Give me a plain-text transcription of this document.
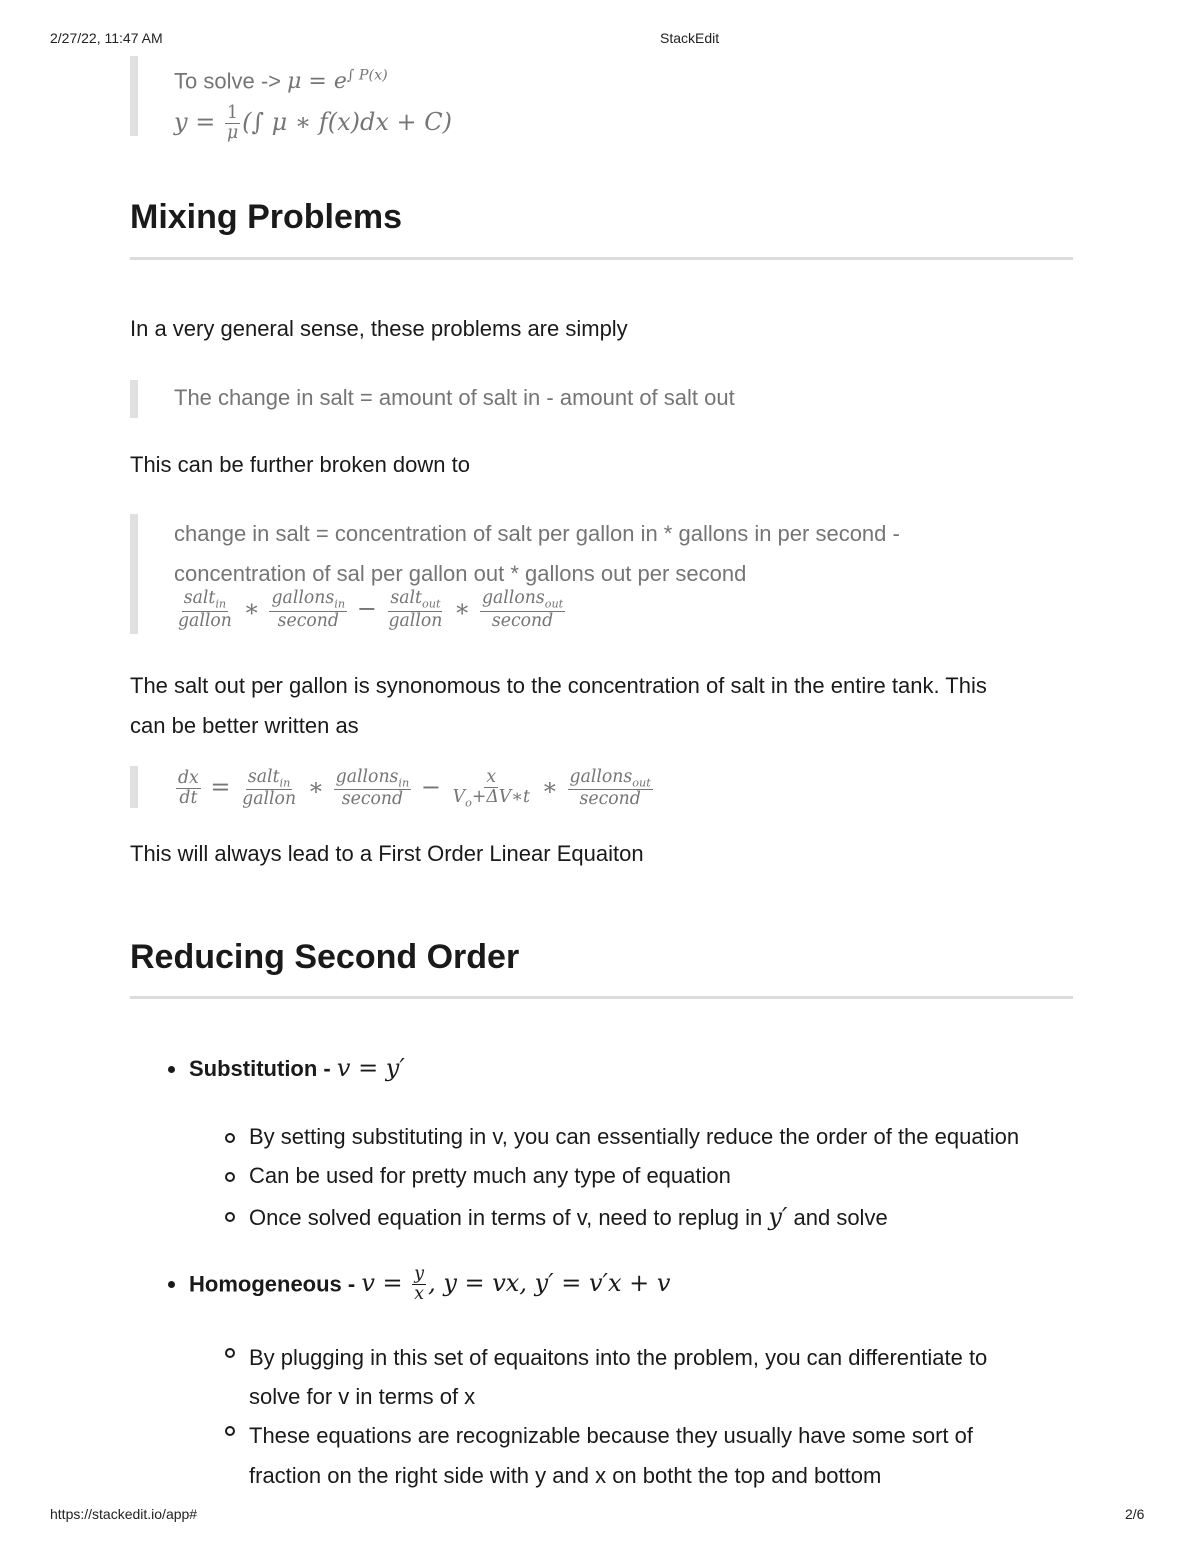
2/27/22, 11:47 AM	StackEdit
https://stackedit.io/app#	2/6
To solve -> $\mu = e^{\int P(x)}$
$y = \frac{1}{\mu}$ (∫ μ ∗ f(x)dx + C)
Mixing Problems
In a very general sense, these problems are simply
The change in salt = amount of salt in - amount of salt out
This can be further broken down to
change in salt = concentration of salt per gallon in * gallons in per second -
concentration of sal per gallon out * gallons out per second
$\frac{salt_{in}}{\text{gallon}}$ ∗ $\frac{gallons_{in}}{\text{second}} - \frac{salt_{out}}{\text{gallon}}$ ∗ $\frac{gallons_{out}}{\text{second}}$
The salt out per gallon is synonomous to the concentration of salt in the entire tank. This
can be better written as
$\frac{dx}{dt} = \frac{salt_{in}}{\text{gallon}}$ ∗ $\frac{gallons_{in}}{\text{second}} - \frac{x}{V_o+\Delta V∗t}$ ∗ $\frac{gallons_{out}}{\text{second}}$
This will always lead to a First Order Linear Equaiton
Reducing Second Order
Substitution - v = y′
By setting substituting in v, you can essentially reduce the order of the equation
Can be used for pretty much any type of equation
Once solved equation in terms of v, need to replug in y′ and solve
Homogeneous - $v = \frac{y}{x}$ , y = vx, y′ = v′x + v
By plugging in this set of equaitons into the problem, you can differentiate to
solve for v in terms of x
These equations are recognizable because they usually have some sort of
fraction on the right side with y and x on botht the top and bottom
